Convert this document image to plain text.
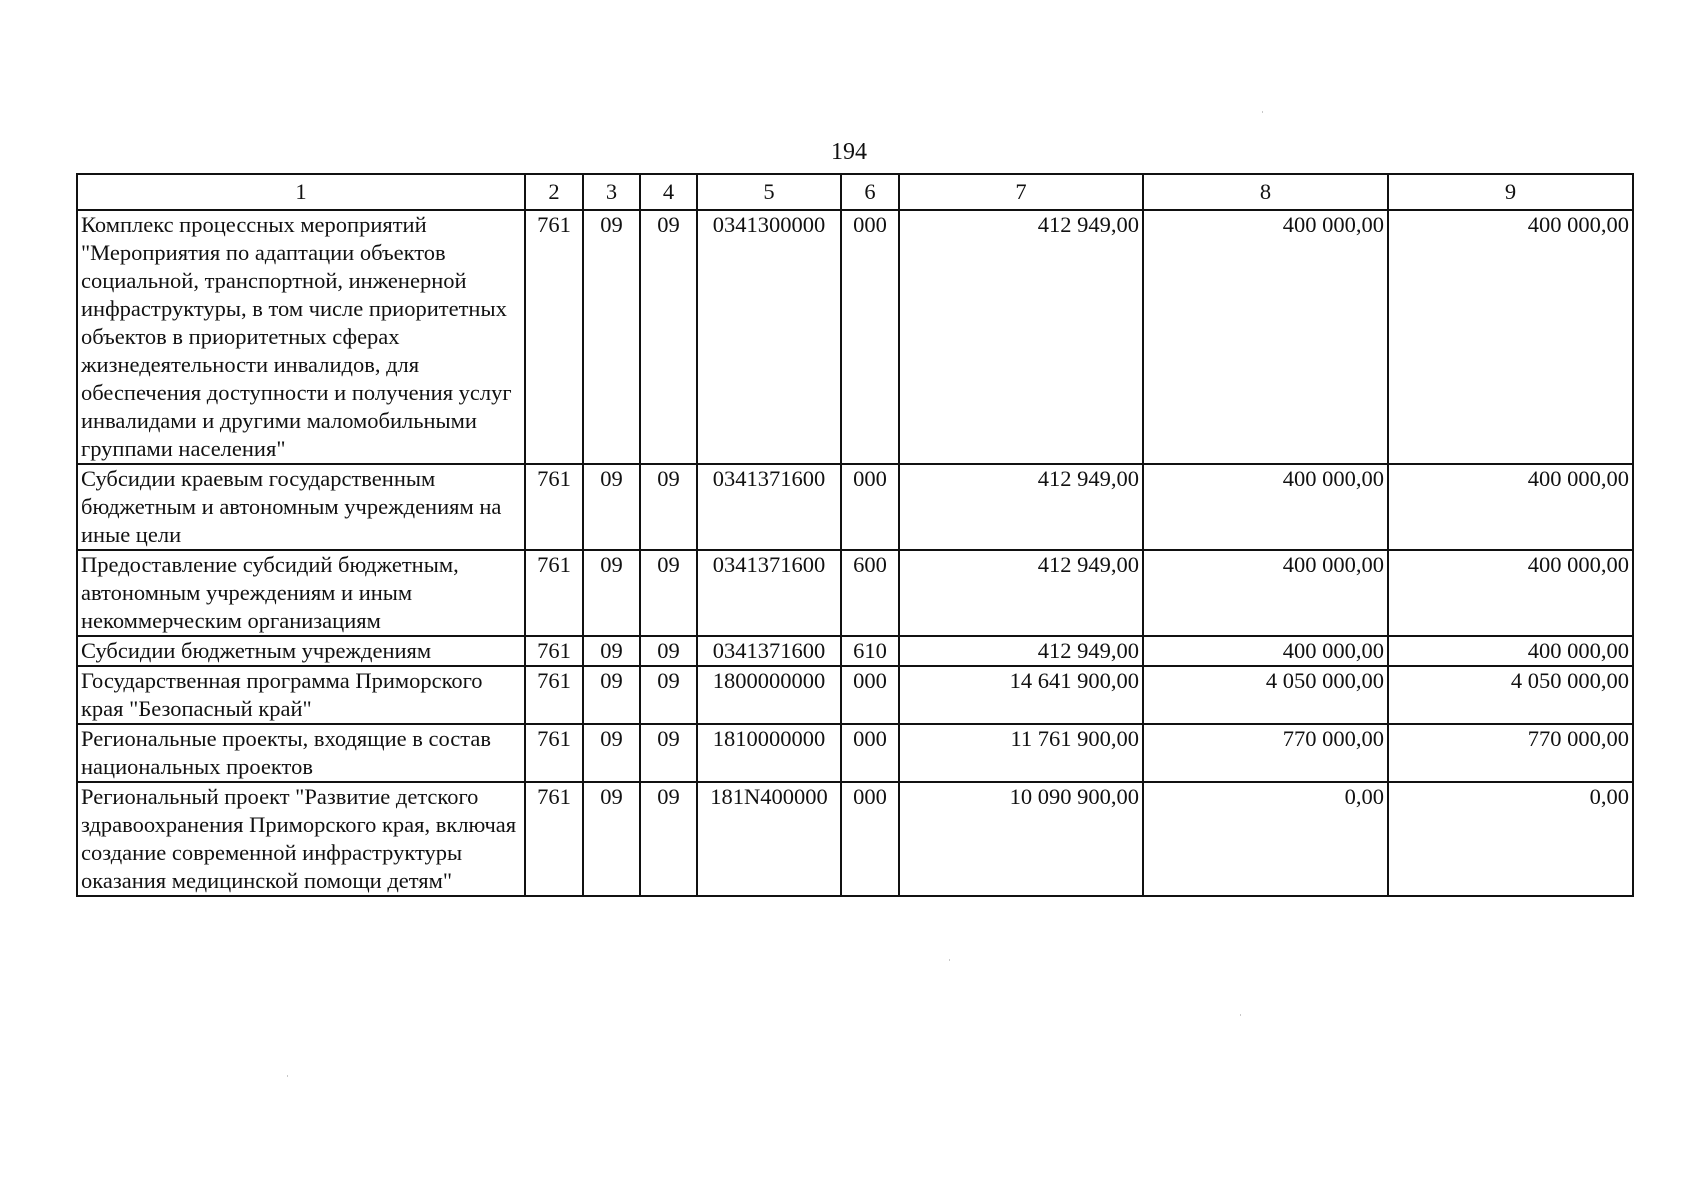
194
1	2	3	4	5	6	7	8	9
Комплекс процессных мероприятий "Мероприятия по адаптации объектов социальной, транспортной, инженерной инфраструктуры, в том числе приоритетных объектов в приоритетных сферах жизнедеятельности инвалидов, для обеспечения доступности и получения услуг инвалидами и другими маломобильными группами населения"	761	09	09	0341300000	000	412 949,00	400 000,00	400 000,00
Субсидии краевым государственным бюджетным и автономным учреждениям на иные цели	761	09	09	0341371600	000	412 949,00	400 000,00	400 000,00
Предоставление субсидий бюджетным, автономным учреждениям и иным некоммерческим организациям	761	09	09	0341371600	600	412 949,00	400 000,00	400 000,00
Субсидии бюджетным учреждениям	761	09	09	0341371600	610	412 949,00	400 000,00	400 000,00
Государственная программа Приморского края "Безопасный край"	761	09	09	1800000000	000	14 641 900,00	4 050 000,00	4 050 000,00
Региональные проекты, входящие в состав национальных проектов	761	09	09	1810000000	000	11 761 900,00	770 000,00	770 000,00
Региональный проект "Развитие детского здравоохранения Приморского края, включая создание современной инфраструктуры оказания медицинской помощи детям"	761	09	09	181N400000	000	10 090 900,00	0,00	0,00
